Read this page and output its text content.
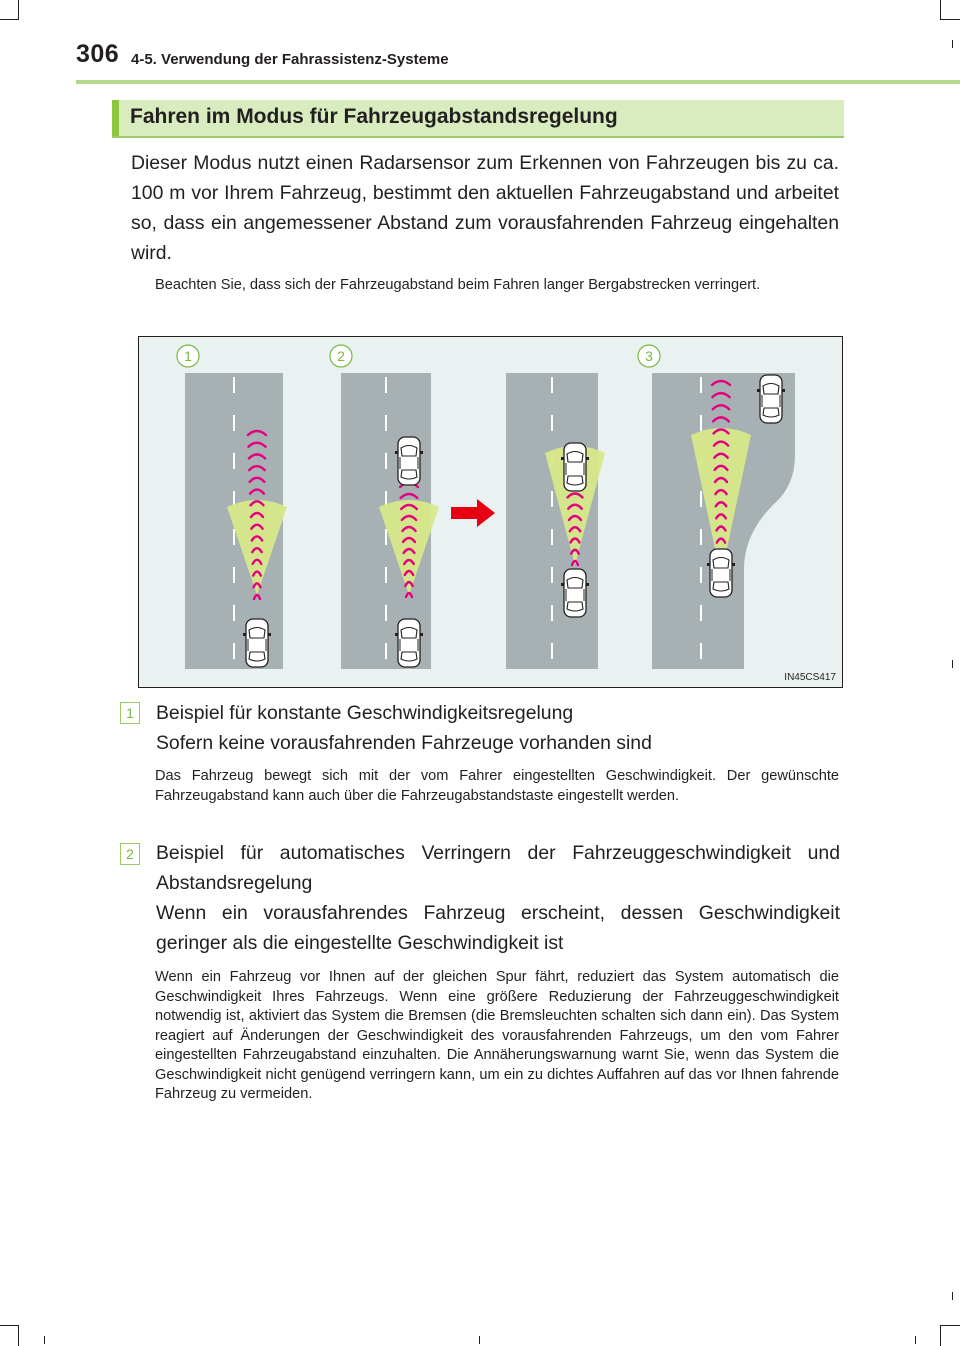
306 4-5. Verwendung der Fahrassistenz-Systeme
Fahren im Modus für Fahrzeugabstandsregelung

Dieser Modus nutzt einen Radarsensor zum Erkennen von Fahrzeugen bis zu ca. 100 m vor Ihrem Fahrzeug, bestimmt den aktuellen Fahrzeugabstand und arbeitet so, dass ein angemessener Abstand zum vorausfahrenden Fahrzeug eingehalten wird.

Beachten Sie, dass sich der Fahrzeugabstand beim Fahren langer Bergabstrecken verringert.

1	2	3
IN45CS417
1	Beispiel für konstante Geschwindigkeitsregelung
Sofern keine vorausfahrenden Fahrzeuge vorhanden sind

Das Fahrzeug bewegt sich mit der vom Fahrer eingestellten Geschwindigkeit. Der gewünschte Fahrzeugabstand kann auch über die Fahrzeugabstandstaste eingestellt werden.

2	Beispiel für automatisches Verringern der Fahrzeuggeschwindigkeit und Abstandsregelung
Wenn ein vorausfahrendes Fahrzeug erscheint, dessen Geschwindigkeit geringer als die eingestellte Geschwindigkeit ist

Wenn ein Fahrzeug vor Ihnen auf der gleichen Spur fährt, reduziert das System automatisch die Geschwindigkeit Ihres Fahrzeugs. Wenn eine größere Reduzierung der Fahrzeuggeschwindigkeit notwendig ist, aktiviert das System die Bremsen (die Bremsleuchten schalten sich dann ein). Das System reagiert auf Änderungen der Geschwindigkeit des vorausfahrenden Fahrzeugs, um den vom Fahrer eingestellten Fahrzeugabstand einzuhalten. Die Annäherungswarnung warnt Sie, wenn das System die Geschwindigkeit nicht genügend verringern kann, um ein zu dichtes Auffahren auf das vor Ihnen fahrende Fahrzeug zu vermeiden.
